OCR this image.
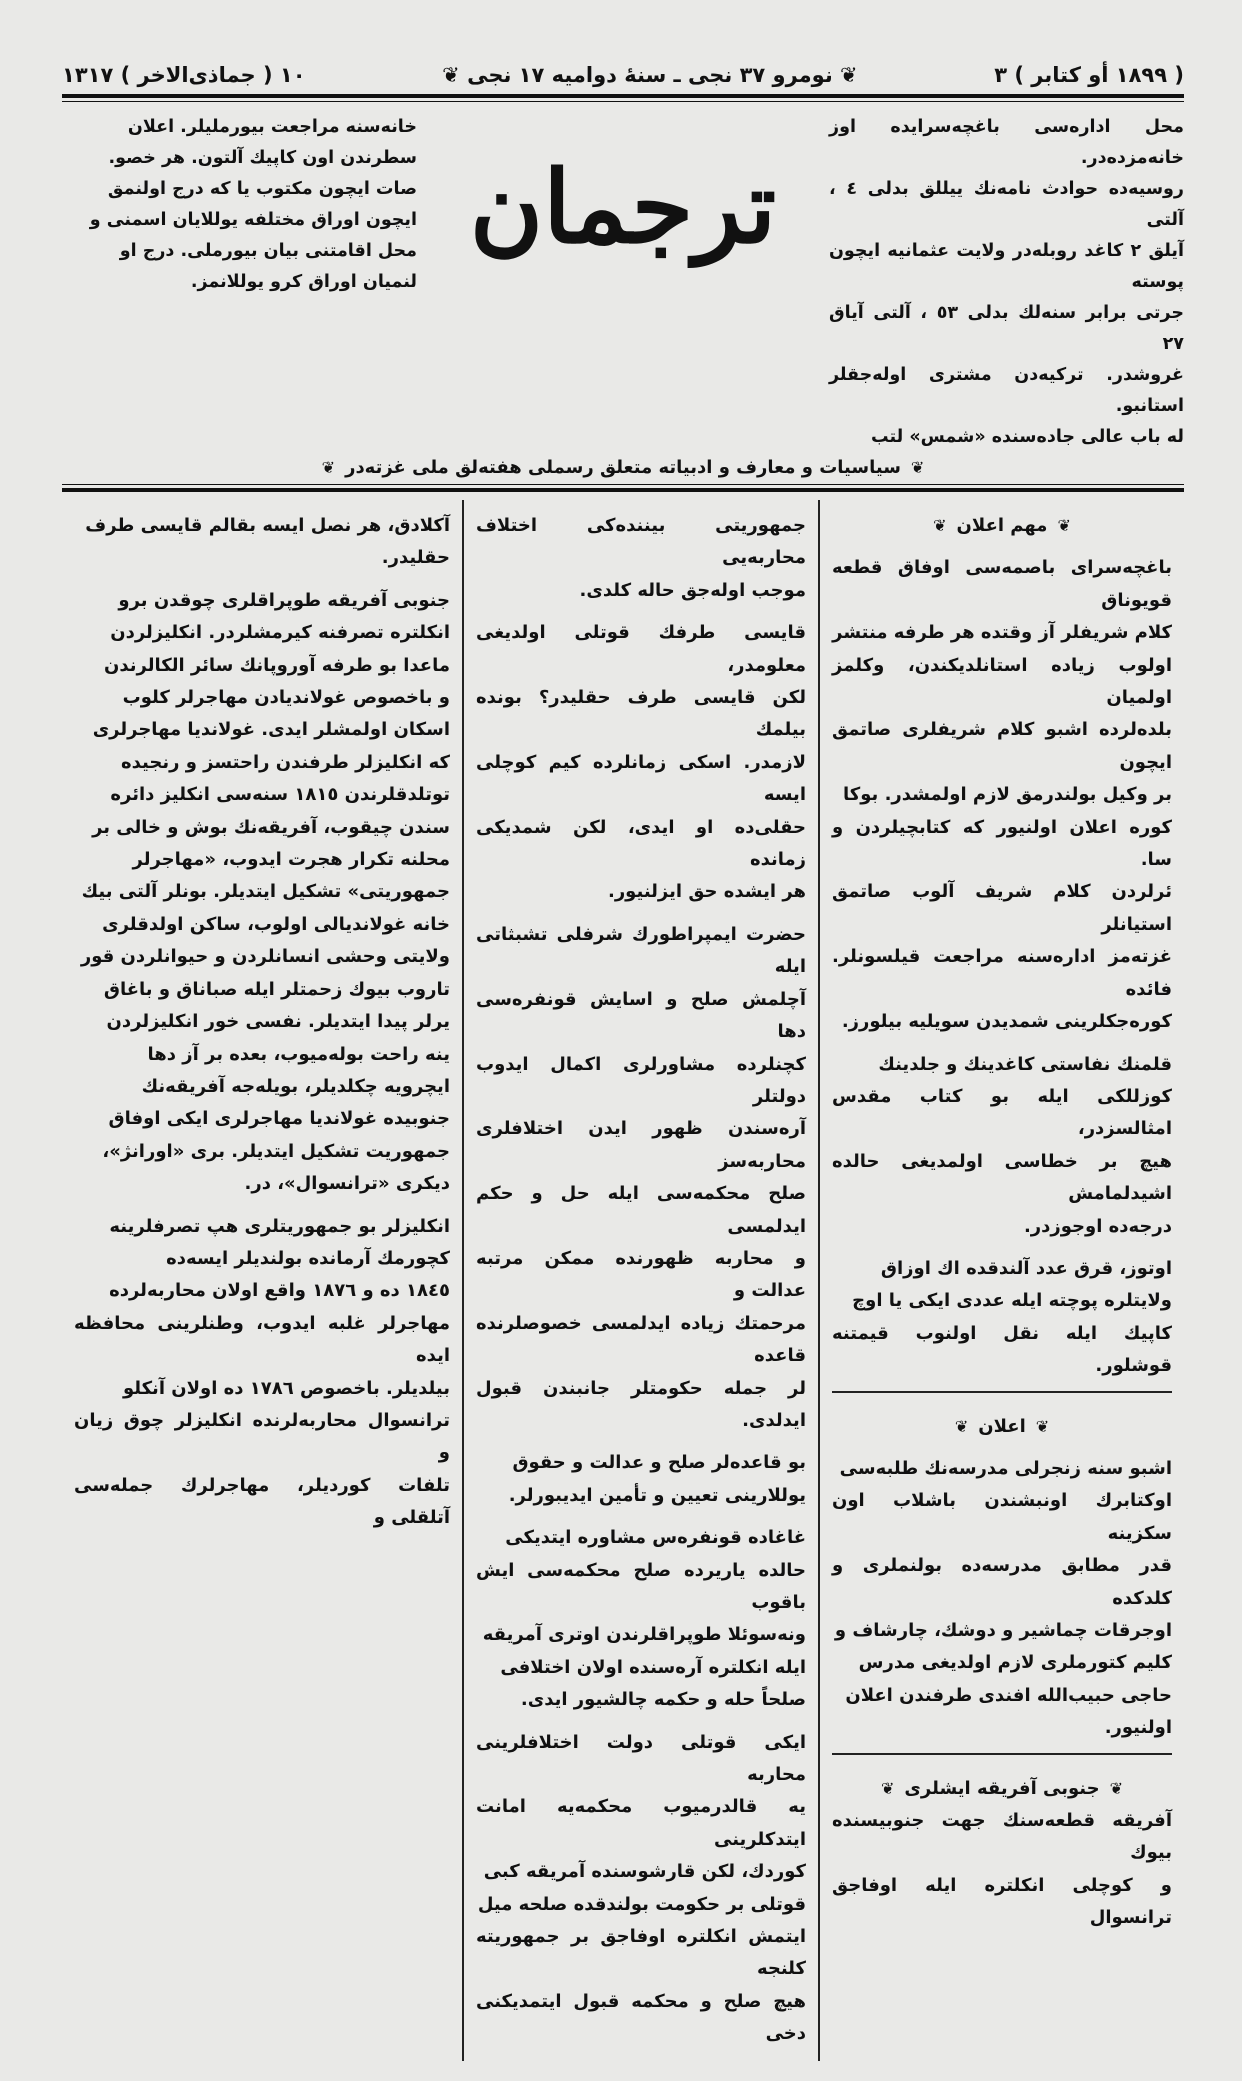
( ۱۸۹۹ أو كتابر ) ۳
❦ نومرو ۳۷ نجی ـ سنهٔ دوامیه ۱۷ نجی ❦
۱۰ ( جماذی‌الاخر ) ۱۳۱۷
محل اداره‌سی باغچه‌سرایده اوز خانه‌مزده‌در.
روسیه‌ده حوادث نامه‌نك ییللق بدلی ٤ ، آلتی
آیلق ۲ كاغد روبله‌در ولایت عثمانیه ایچون پوسته
جرتی برابر سنه‌لك بدلی ٥۳ ، آلتی آیاق ۲۷
غروشدر. تركیه‌دن مشتری اوله‌جقلر استانبو.
له باب عالی جاده‌سنده «شمس» لتب
ترجمان
خانه‌سنه مراجعت بیورملیلر. اعلان
سطرندن اون كاپیك آلتون. هر خصو.
صات ایچون مكتوب یا كه درج اولنمق
ایچون اوراق مختلفه یوللایان اسمنی و
محل اقامتنی بیان بیورملی. درج او
لنمیان اوراق كرو یوللانمز.
❦سیاسیات و معارف و ادبیاته متعلق رسملی هفته‌لق ملی غزته‌در❦
❦مهم اعلان❦
باغچه‌سرای باصمه‌سی اوفاق قطعه قویوناق
كلام شریفلر آز وقتده هر طرفه منتشر
اولوب زیاده استانلدیكندن، وكلمز اولمیان
بلده‌لرده اشبو كلام شریفلری صاتمق ایچون
بر وكیل بولندرمق لازم اولمشدر. بوكا
كوره اعلان اولنیور كه كتابچیلردن و سا.
ئرلردن كلام شریف آلوب صاتمق استیانلر
غزته‌مز اداره‌سنه مراجعت قیلسونلر. فائده
كوره‌جكلرینی شمدیدن سویلیه بیلورز.
قلمنك نفاستی كاغدینك و جلدینك
كوزللكی ایله بو كتاب مقدس امثالسزدر،
هیچ بر خطاسی اولمدیغی حالده اشیدلمامش
درجه‌ده اوجوزدر.
اوتوز، قرق عدد آلندقده اك اوزاق
ولایتلره پوچته ایله عددی ایكی یا اوچ
كاپیك ایله نقل اولنوب قیمتنه قوشلور.
❦اعلان❦
اشبو سنه زنجرلی مدرسه‌نك طلبه‌سی
اوكتابرك اونبشندن باشلاب اون سكزینه
قدر مطابق مدرسه‌ده بولنملری و كلدكده
اوجرقات چماشیر و دوشك، چارشاف و
كلیم كتورملری لازم اولدیغی مدرس
حاجی حبیب‌الله افندی طرفندن اعلان
اولنیور.
❦جنوبی آفریقه ایشلری❦
آفریقه قطعه‌سنك جهت جنوبیسنده بیوك
و كوچلی انكلتره ایله اوفاجق ترانسوال
جمهوریتی بیننده‌كی اختلاف محاربه‌یی
موجب اوله‌جق حاله كلدی.
قایسی طرفك قوتلی اولدیغی معلومدر،
لكن قایسی طرف حقلیدر؟ بونده بیلمك
لازمدر. اسكی زمانلرده كیم كوچلی ایسه
حقلی‌ده او ایدی، لكن شمدیكی زمانده
هر ایشده حق ایزلنیور.
حضرت ایمپراطورك شرفلی تشبثاتی ایله
آچلمش صلح و اسایش قونفره‌سی دها
كچنلرده مشاورلری اكمال ایدوب دولتلر
آره‌سندن ظهور ایدن اختلافلری محاربه‌سز
صلح محكمه‌سی ایله حل و حكم ایدلمسی
و محاربه ظهورنده ممكن مرتبه عدالت و
مرحمتك زیاده ایدلمسی خصوصلرنده قاعده
لر جمله حكومتلر جانبندن قبول ایدلدی.
بو قاعده‌لر صلح و عدالت و حقوق
یوللارینی تعیین و تأمین ایدیبورلر.
غاغاده قونفره‌س مشاوره ایتدیكی
حالده یاریرده صلح محكمه‌سی ایش باقوب
ونه‌سوئلا طوپراقلرندن اوتری آمریقه
ایله انكلتره آره‌سنده اولان اختلافی
صلحاً حله و حكمه چالشیور ایدی.
ایكی قوتلی دولت اختلافلرینی محاربه
یه قالدرمیوب محكمه‌یه امانت ایتدكلرینی
كوردك، لكن قارشوسنده آمریقه كبی
قوتلی بر حكومت بولندقده صلحه میل
ایتمش انكلتره اوفاجق بر جمهوریته كلنجه
هیچ صلح و محكمه قبول ایتمدیكنی دخی
آكلادق، هر نصل ایسه بقالم قایسی طرف
حقلیدر.
جنوبی آفریقه طوپراقلری چوقدن برو
انكلتره تصرفنه كیرمشلردر. انكلیزلردن
ماعدا بو طرفه آوروپانك سائر الكالرندن
و باخصوص غولاندیادن مهاجرلر كلوب
اسكان اولمشلر ایدی. غولاندیا مهاجرلری
كه انكلیزلر طرفندن راحتسز و رنجیده
توتلدقلرندن ۱۸۱٥ سنه‌سی انكلیز دائره
سندن چیقوب، آفریقه‌نك بوش و خالی بر
محلنه تكرار هجرت ایدوب، «مهاجرلر
جمهوریتی» تشكیل ایتدیلر. بونلر آلتی بیك
خانه غولاندیالی اولوب، ساكن اولدقلری
ولایتی وحشی انسانلردن و حیوانلردن قور
تاروب بیوك زحمتلر ایله صباناق و باغاق
یرلر پیدا ایتدیلر. نفسی خور انكلیزلردن
ینه راحت بوله‌میوب، بعده بر آز دها
ایچرویه چكلدیلر، بویله‌جه آفریقه‌نك
جنوبیده غولاندیا مهاجرلری ایكی اوفاق
جمهوریت تشكیل ایتدیلر. بری «اورانژ»،
دیكری «ترانسوال»، در.
انكلیزلر بو جمهوریتلری هپ تصرفلرینه
كچورمك آرمانده بولندیلر ایسه‌ده
۱۸٤٥ ده و ۱۸۷٦ واقع اولان محاربه‌لرده
مهاجرلر غلبه ایدوب، وطنلرینی محافظه ایده
بیلدیلر. باخصوص ۱۷۸٦ ده اولان آنكلو
ترانسوال محاربه‌لرنده انكلیزلر چوق زیان و
تلفات كوردیلر، مهاجرلرك جمله‌سی آتلقلی و
